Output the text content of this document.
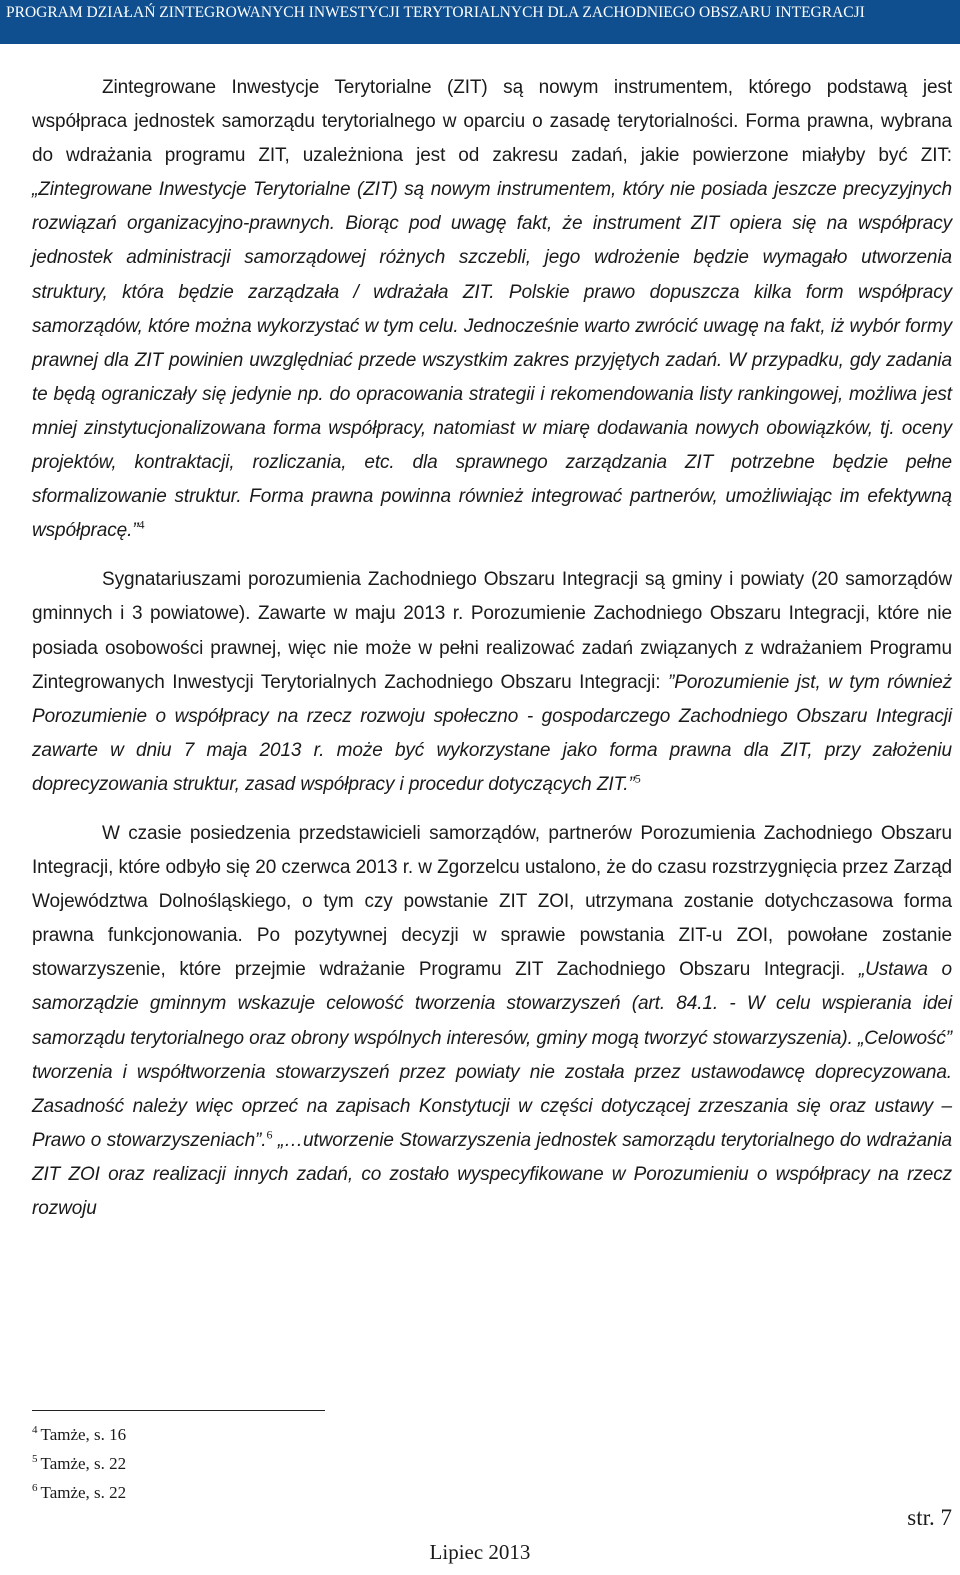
PROGRAM DZIAŁAŃ ZINTEGROWANYCH INWESTYCJI TERYTORIALNYCH DLA ZACHODNIEGO OBSZARU INTEGRACJI

Zintegrowane Inwestycje Terytorialne (ZIT) są nowym instrumentem, którego podstawą jest współpraca jednostek samorządu terytorialnego w oparciu o zasadę terytorialności. Forma prawna, wybrana do wdrażania programu ZIT, uzależniona jest od zakresu zadań, jakie powierzone miałyby być ZIT: „Zintegrowane Inwestycje Terytorialne (ZIT) są nowym instrumentem, który nie posiada jeszcze precyzyjnych rozwiązań organizacyjno-prawnych. Biorąc pod uwagę fakt, że instrument ZIT opiera się na współpracy jednostek administracji samorządowej różnych szczebli, jego wdrożenie będzie wymagało utworzenia struktury, która będzie zarządzała / wdrażała ZIT. Polskie prawo dopuszcza kilka form współpracy samorządów, które można wykorzystać w tym celu. Jednocześnie warto zwrócić uwagę na fakt, iż wybór formy prawnej dla ZIT powinien uwzględniać przede wszystkim zakres przyjętych zadań. W przypadku, gdy zadania te będą ograniczały się jedynie np. do opracowania strategii i rekomendowania listy rankingowej, możliwa jest mniej zinstytucjonalizowana forma współpracy, natomiast w miarę dodawania nowych obowiązków, tj. oceny projektów, kontraktacji, rozliczania, etc. dla sprawnego zarządzania ZIT potrzebne będzie pełne sformalizowanie struktur. Forma prawna powinna również integrować partnerów, umożliwiając im efektywną współpracę.”$^4$

Sygnatariuszami porozumienia Zachodniego Obszaru Integracji są gminy i powiaty (20 samorządów gminnych i 3 powiatowe). Zawarte w maju 2013 r. Porozumienie Zachodniego Obszaru Integracji, które nie posiada osobowości prawnej, więc nie może w pełni realizować zadań związanych z wdrażaniem Programu Zintegrowanych Inwestycji Terytorialnych Zachodniego Obszaru Integracji: ”Porozumienie jst, w tym również Porozumienie o współpracy na rzecz rozwoju społeczno - gospodarczego Zachodniego Obszaru Integracji zawarte w dniu 7 maja 2013 r. może być wykorzystane jako forma prawna dla ZIT, przy założeniu doprecyzowania struktur, zasad współpracy i procedur dotyczących ZIT.”$^5$

W czasie posiedzenia przedstawicieli samorządów, partnerów Porozumienia Zachodniego Obszaru Integracji, które odbyło się 20 czerwca 2013 r. w Zgorzelcu ustalono, że do czasu rozstrzygnięcia przez Zarząd Województwa Dolnośląskiego, o tym czy powstanie ZIT ZOI, utrzymana zostanie dotychczasowa forma prawna funkcjonowania. Po pozytywnej decyzji w sprawie powstania ZIT-u ZOI, powołane zostanie stowarzyszenie, które przejmie wdrażanie Programu ZIT Zachodniego Obszaru Integracji. „Ustawa o samorządzie gminnym wskazuje celowość tworzenia stowarzyszeń (art. 84.1. - W celu wspierania idei samorządu terytorialnego oraz obrony wspólnych interesów, gminy mogą tworzyć stowarzyszenia). „Celowość” tworzenia i współtworzenia stowarzyszeń przez powiaty nie została przez ustawodawcę doprecyzowana. Zasadność należy więc oprzeć na zapisach Konstytucji w części dotyczącej zrzeszania się oraz ustawy – Prawo o stowarzyszeniach”.$^6$ „…utworzenie Stowarzyszenia jednostek samorządu terytorialnego do wdrażania ZIT ZOI oraz realizacji innych zadań, co zostało wyspecyfikowane w Porozumieniu o współpracy na rzecz rozwoju

$^4$ Tamże, s. 16
$^5$ Tamże, s. 22
$^6$ Tamże, s. 22
str. 7
Lipiec 2013
